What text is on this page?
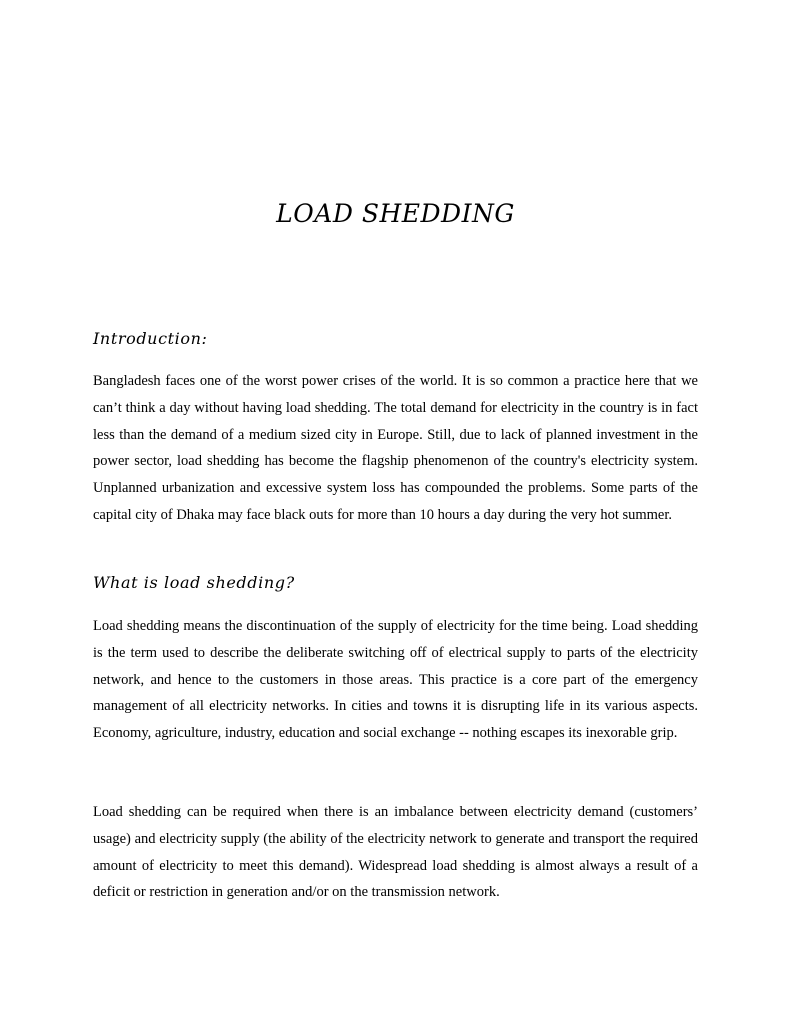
LOAD SHEDDING
Introduction:

Bangladesh faces one of the worst power crises of the world. It is so common a practice here that we can’t think a day without having load shedding. The total demand for electricity in the country is in fact less than the demand of a medium sized city in Europe. Still, due to lack of planned investment in the power sector, load shedding has become the flagship phenomenon of the country's electricity system. Unplanned urbanization and excessive system loss has compounded the problems. Some parts of the capital city of Dhaka may face black outs for more than 10 hours a day during the very hot summer.

What is load shedding?

Load shedding means the discontinuation of the supply of electricity for the time being. Load shedding is the term used to describe the deliberate switching off of electrical supply to parts of the electricity network, and hence to the customers in those areas. This practice is a core part of the emergency management of all electricity networks. In cities and towns it is disrupting life in its various aspects. Economy, agriculture, industry, education and social exchange -- nothing escapes its inexorable grip.

Load shedding can be required when there is an imbalance between electricity demand (customers’ usage) and electricity supply (the ability of the electricity network to generate and transport the required amount of electricity to meet this demand). Widespread load shedding is almost always a result of a deficit or restriction in generation and/or on the transmission network.
